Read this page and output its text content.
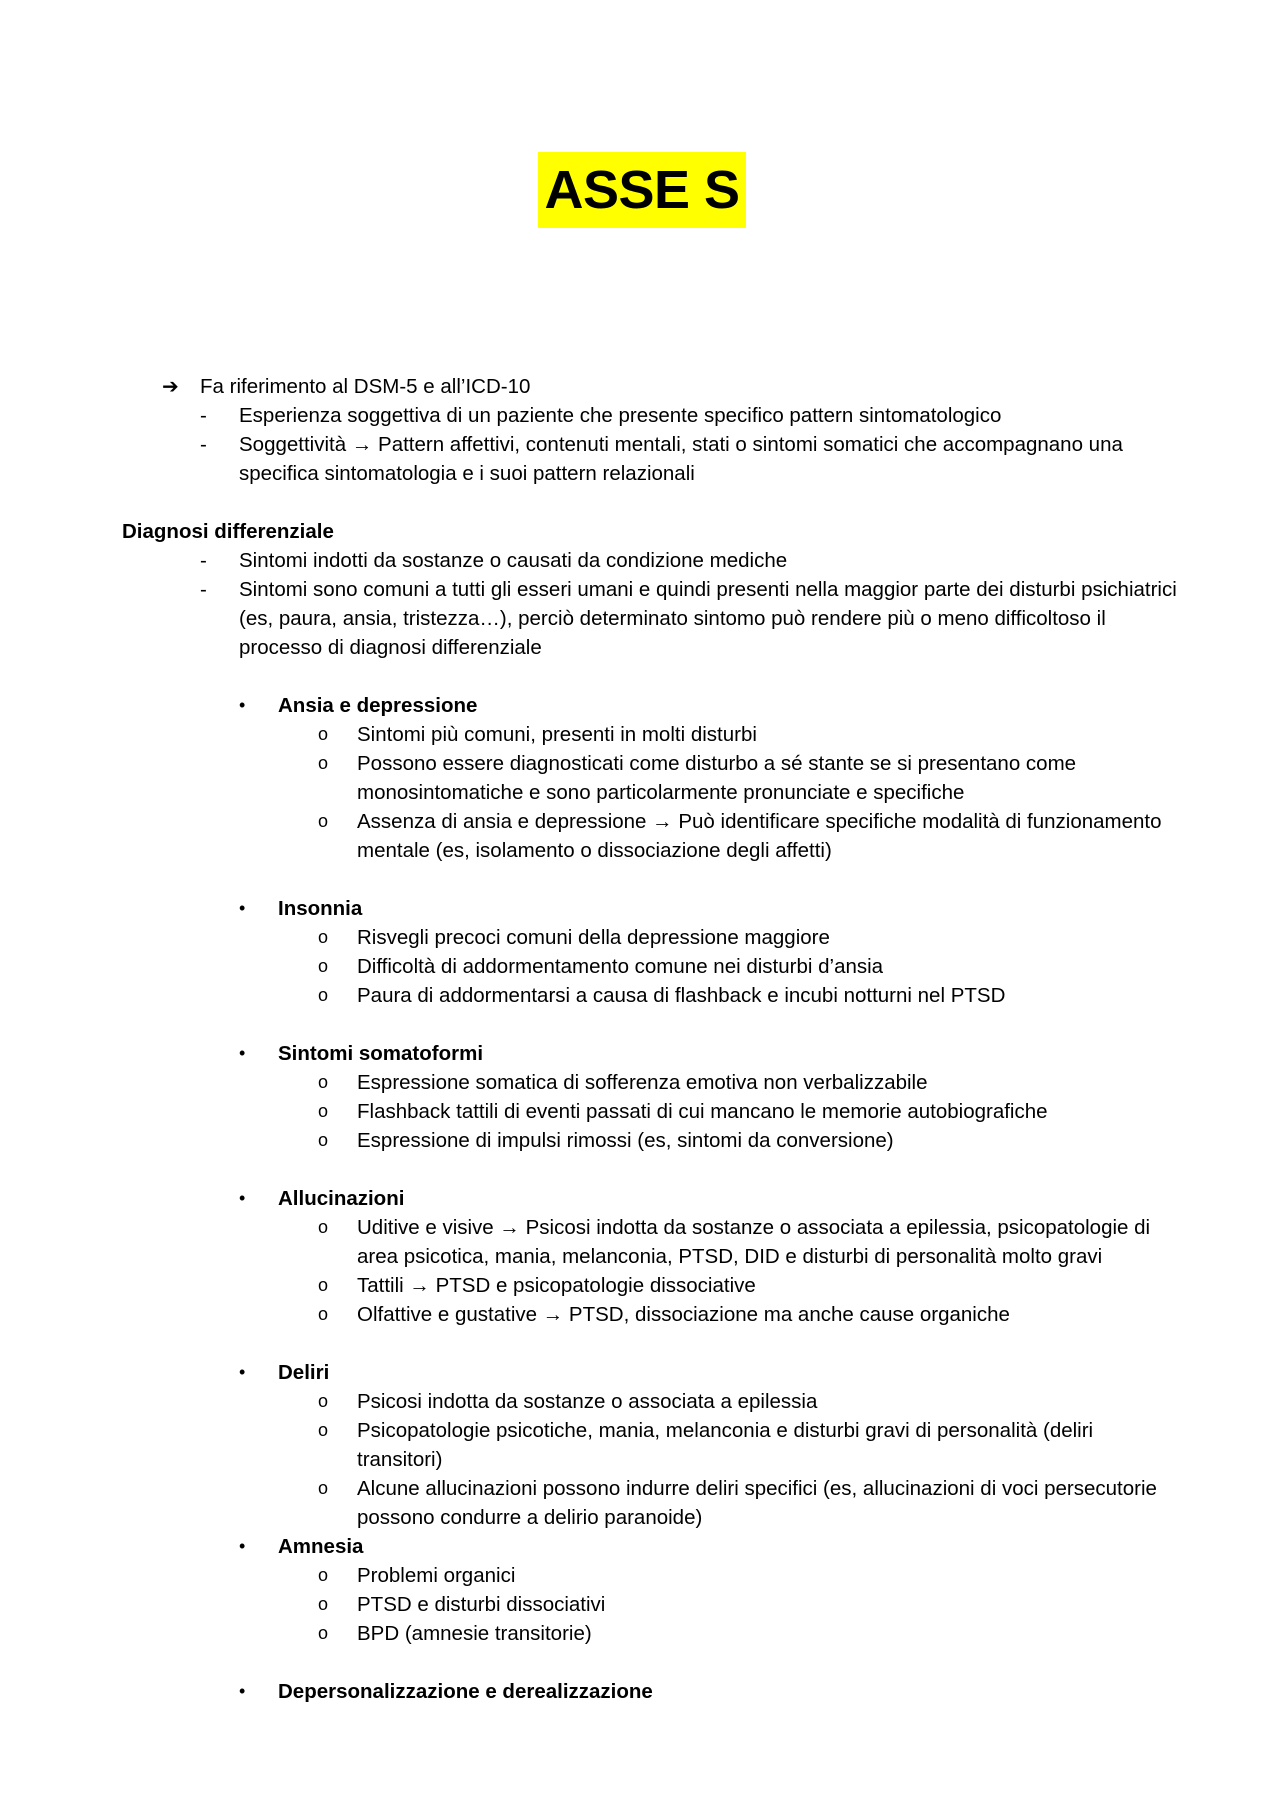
ASSE S
➔	Fa riferimento al DSM-5 e all’ICD-10
-	Esperienza soggettiva di un paziente che presente specifico pattern sintomatologico
-	Soggettività → Pattern affettivi, contenuti mentali, stati o sintomi somatici che accompagnano una specifica sintomatologia e i suoi pattern relazionali
Diagnosi differenziale
-	Sintomi indotti da sostanze o causati da condizione mediche
-	Sintomi sono comuni a tutti gli esseri umani e quindi presenti nella maggior parte dei disturbi psichiatrici (es, paura, ansia, tristezza…), perciò determinato sintomo può rendere più o meno difficoltoso il processo di diagnosi differenziale
•	Ansia e depressione
o	Sintomi più comuni, presenti in molti disturbi
o	Possono essere diagnosticati come disturbo a sé stante se si presentano come monosintomatiche e sono particolarmente pronunciate e specifiche
o	Assenza di ansia e depressione → Può identificare specifiche modalità di funzionamento mentale (es, isolamento o dissociazione degli affetti)
•	Insonnia
o	Risvegli precoci comuni della depressione maggiore
o	Difficoltà di addormentamento comune nei disturbi d’ansia
o	Paura di addormentarsi a causa di flashback e incubi notturni nel PTSD
•	Sintomi somatoformi
o	Espressione somatica di sofferenza emotiva non verbalizzabile
o	Flashback tattili di eventi passati di cui mancano le memorie autobiografiche
o	Espressione di impulsi rimossi (es, sintomi da conversione)
•	Allucinazioni
o	Uditive e visive → Psicosi indotta da sostanze o associata a epilessia, psicopatologie di area psicotica, mania, melanconia, PTSD, DID e disturbi di personalità molto gravi
o	Tattili → PTSD e psicopatologie dissociative
o	Olfattive e gustative → PTSD, dissociazione ma anche cause organiche
•	Deliri
o	Psicosi indotta da sostanze o associata a epilessia
o	Psicopatologie psicotiche, mania, melanconia e disturbi gravi di personalità (deliri transitori)
o	Alcune allucinazioni possono indurre deliri specifici (es, allucinazioni di voci persecutorie possono condurre a delirio paranoide)
•	Amnesia
o	Problemi organici
o	PTSD e disturbi dissociativi
o	BPD (amnesie transitorie)
•	Depersonalizzazione e derealizzazione
